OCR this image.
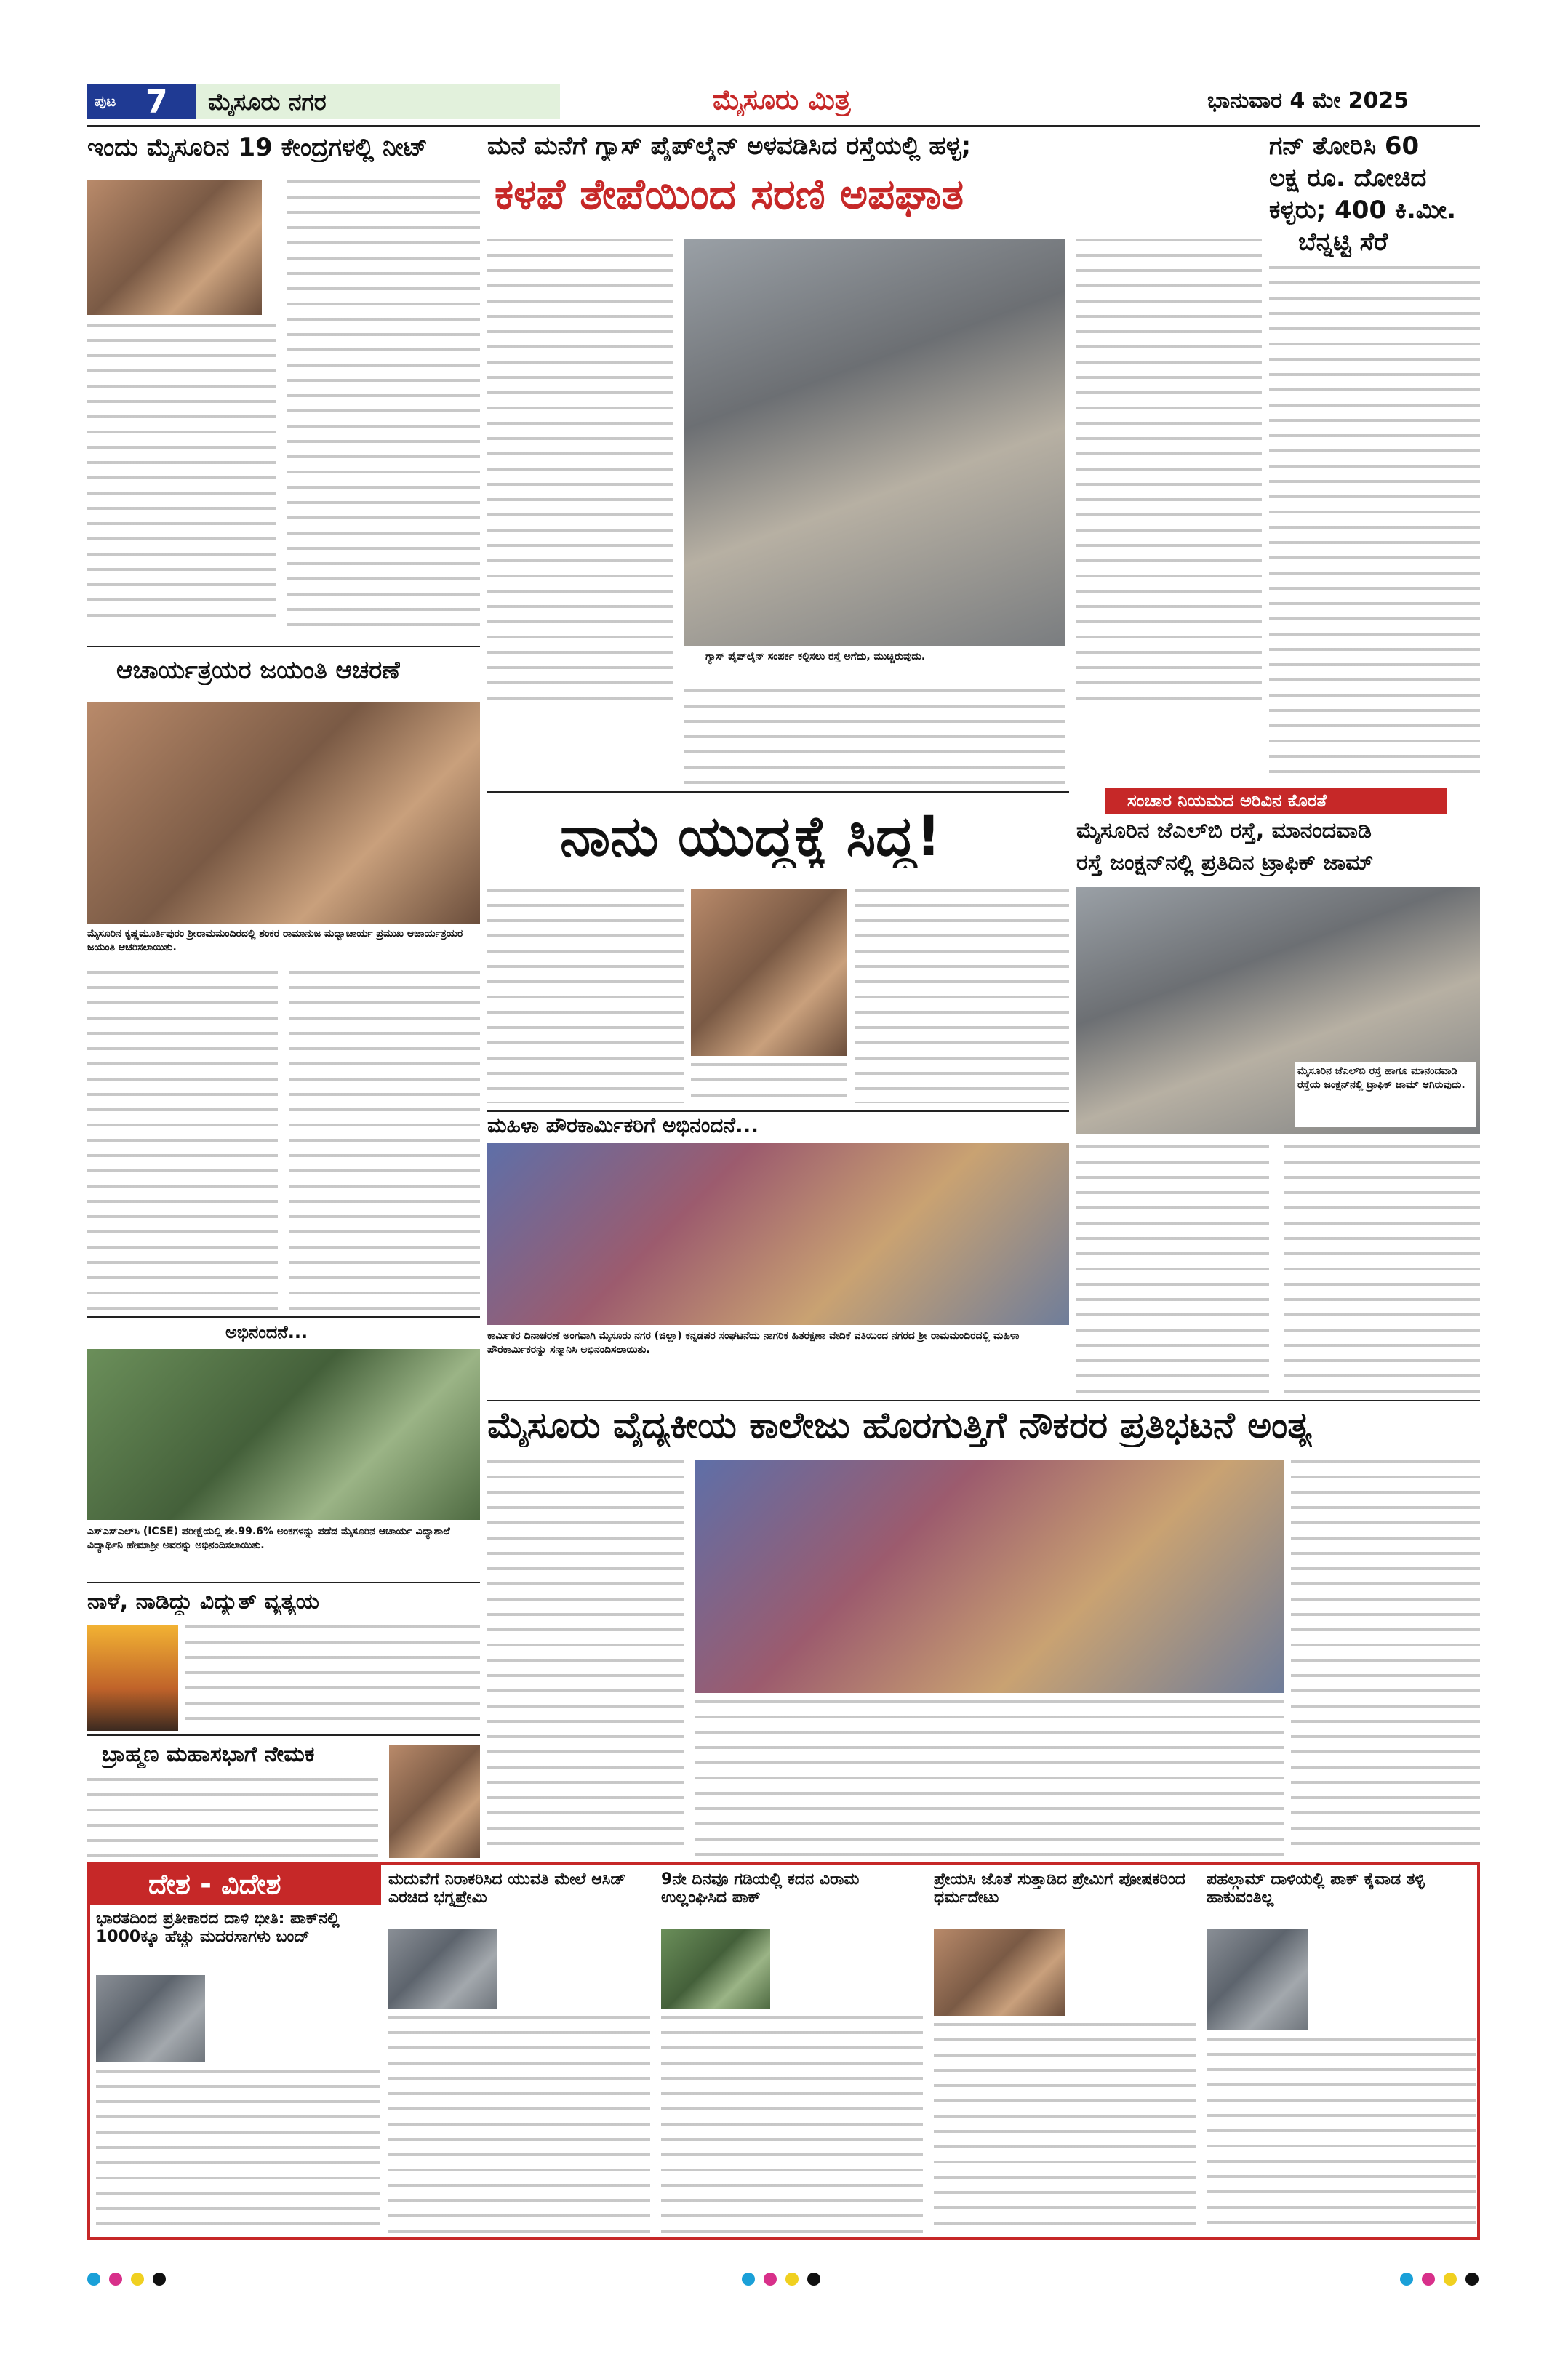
ಪುಟ 7 ಮೈಸೂರು ನಗರ	ಮೈಸೂರು ಮಿತ್ರ	ಭಾನುವಾರ 4 ಮೇ 2025
ಇಂದು ಮೈಸೂರಿನ 19 ಕೇಂದ್ರಗಳಲ್ಲಿ ನೀಟ್
ಆಚಾರ್ಯತ್ರಯರ ಜಯಂತಿ ಆಚರಣೆ
ಮೈಸೂರಿನ ಕೃಷ್ಣಮೂರ್ತಿಪುರಂ ಶ್ರೀರಾಮಮಂದಿರದಲ್ಲಿ ಶಂಕರ ರಾಮಾನುಜ ಮಧ್ವಾಚಾರ್ಯ ಪ್ರಮುಖ ಆಚಾರ್ಯತ್ರಯರ ಜಯಂತಿ ಆಚರಿಸಲಾಯಿತು.
ಅಭಿನಂದನೆ...
ಎಸ್‌ಎಸ್‌ಎಲ್‌ಸಿ (ICSE) ಪರೀಕ್ಷೆಯಲ್ಲಿ ಶೇ.99.6% ಅಂಕಗಳನ್ನು ಪಡೆದ ಮೈಸೂರಿನ ಆಚಾರ್ಯ ವಿದ್ಯಾಶಾಲೆ ವಿದ್ಯಾರ್ಥಿನಿ ಹೇಮಾಶ್ರೀ ಅವರನ್ನು ಅಭಿನಂದಿಸಲಾಯಿತು.
ನಾಳೆ, ನಾಡಿದ್ದು ವಿದ್ಯುತ್ ವ್ಯತ್ಯಯ
ಬ್ರಾಹ್ಮಣ ಮಹಾಸಭಾಗೆ ನೇಮಕ
ಮನೆ ಮನೆಗೆ ಗ್ಯಾಸ್ ಪೈಪ್‌ಲೈನ್ ಅಳವಡಿಸಿದ ರಸ್ತೆಯಲ್ಲಿ ಹಳ್ಳ;
ಕಳಪೆ ತೇಪೆಯಿಂದ ಸರಣಿ ಅಪಘಾತ
ಗ್ಯಾಸ್ ಪೈಪ್‌ಲೈನ್ ಸಂಪರ್ಕ ಕಲ್ಪಿಸಲು ರಸ್ತೆ ಅಗೆದು, ಮುಚ್ಚಿರುವುದು.
ಗನ್ ತೋರಿಸಿ 60
ಲಕ್ಷ ರೂ. ದೋಚಿದ
ಕಳ್ಳರು; 400 ಕಿ.ಮೀ.
ಬೆನ್ನಟ್ಟಿ ಸೆರೆ
ನಾನು ಯುದ್ಧಕ್ಕೆ ಸಿದ್ಧ!
ಸಂಚಾರ ನಿಯಮದ ಅರಿವಿನ ಕೊರತೆ
ಮೈಸೂರಿನ ಜೆಎಲ್‌ಬಿ ರಸ್ತೆ, ಮಾನಂದವಾಡಿ
ರಸ್ತೆ ಜಂಕ್ಷನ್‌ನಲ್ಲಿ ಪ್ರತಿದಿನ ಟ್ರಾಫಿಕ್ ಜಾಮ್
ಮೈಸೂರಿನ ಜೆಎಲ್‌ಬಿ ರಸ್ತೆ ಹಾಗೂ ಮಾನಂದವಾಡಿ ರಸ್ತೆಯ ಜಂಕ್ಷನ್‌ನಲ್ಲಿ ಟ್ರಾಫಿಕ್ ಜಾಮ್ ಆಗಿರುವುದು.
ಮಹಿಳಾ ಪೌರಕಾರ್ಮಿಕರಿಗೆ ಅಭಿನಂದನೆ...
ಕಾರ್ಮಿಕರ ದಿನಾಚರಣೆ ಅಂಗವಾಗಿ ಮೈಸೂರು ನಗರ (ಜಿಲ್ಲಾ) ಕನ್ನಡಪರ ಸಂಘಟನೆಯ ನಾಗರಿಕ ಹಿತರಕ್ಷಣಾ ವೇದಿಕೆ ವತಿಯಿಂದ ನಗರದ ಶ್ರೀ ರಾಮಮಂದಿರದಲ್ಲಿ ಮಹಿಳಾ ಪೌರಕಾರ್ಮಿಕರನ್ನು ಸನ್ಮಾನಿಸಿ ಅಭಿನಂದಿಸಲಾಯಿತು.
ಮೈಸೂರು ವೈದ್ಯಕೀಯ ಕಾಲೇಜು ಹೊರಗುತ್ತಿಗೆ ನೌಕರರ ಪ್ರತಿಭಟನೆ ಅಂತ್ಯ
ದೇಶ - ವಿದೇಶ
ಭಾರತದಿಂದ ಪ್ರತೀಕಾರದ ದಾಳಿ ಭೀತಿ: ಪಾಕ್‌ನಲ್ಲಿ 1000ಕ್ಕೂ ಹೆಚ್ಚು ಮದರಸಾಗಳು ಬಂದ್
ಮದುವೆಗೆ ನಿರಾಕರಿಸಿದ ಯುವತಿ ಮೇಲೆ ಆಸಿಡ್ ಎರಚಿದ ಭಗ್ನಪ್ರೇಮಿ
9ನೇ ದಿನವೂ ಗಡಿಯಲ್ಲಿ ಕದನ ವಿರಾಮ ಉಲ್ಲಂಘಿಸಿದ ಪಾಕ್
ಪ್ರೇಯಸಿ ಜೊತೆ ಸುತ್ತಾಡಿದ ಪ್ರೇಮಿಗೆ ಪೋಷಕರಿಂದ ಧರ್ಮದೇಟು
ಪಹಲ್ಗಾಮ್ ದಾಳಿಯಲ್ಲಿ ಪಾಕ್ ಕೈವಾಡ ತಳ್ಳಿ ಹಾಕುವಂತಿಲ್ಲ
